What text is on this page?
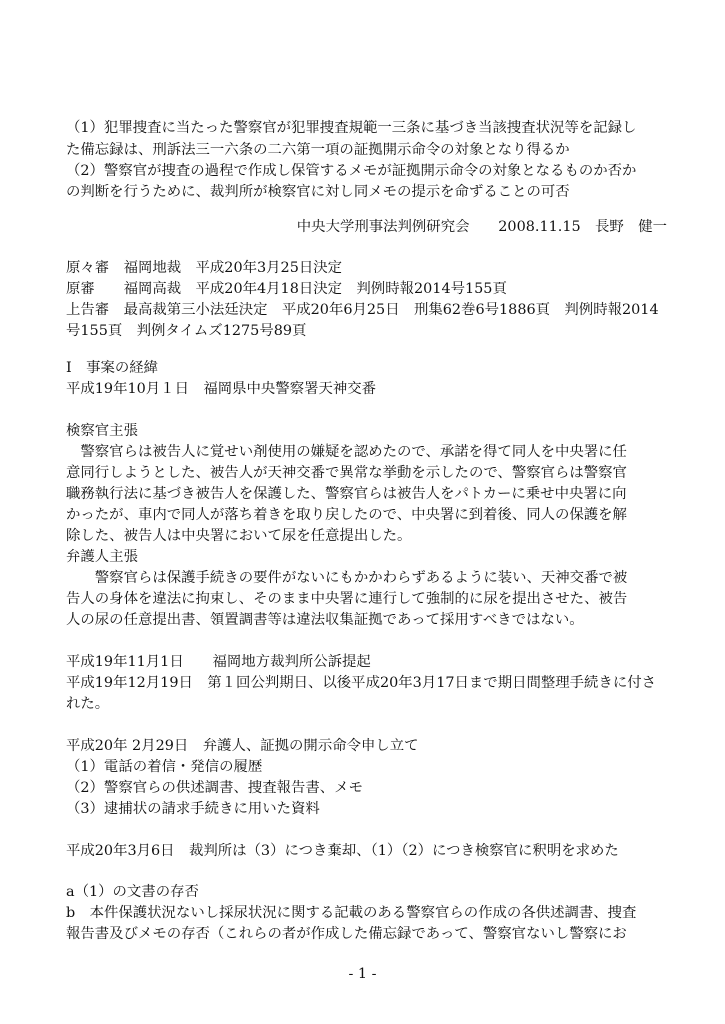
（1）犯罪捜査に当たった警察官が犯罪捜査規範一三条に基づき当該捜査状況等を記録し
た備忘録は、刑訴法三一六条の二六第一項の証拠開示命令の対象となり得るか
（2）警察官が捜査の過程で作成し保管するメモが証拠開示命令の対象となるものか否か
の判断を行うために、裁判所が検察官に対し同メモの提示を命ずることの可否
中央大学刑事法判例研究会　　2008.11.15　長野　健一
原々審　福岡地裁　平成20年3月25日決定
原審　　福岡高裁　平成20年4月18日決定　判例時報2014号155頁
上告審　最高裁第三小法廷決定　平成20年6月25日　刑集62巻6号1886頁　判例時報2014
号155頁　判例タイムズ1275号89頁
Ⅰ　事案の経緯
平成19年10月１日　福岡県中央警察署天神交番
検察官主張
　警察官らは被告人に覚せい剤使用の嫌疑を認めたので、承諾を得て同人を中央署に任
意同行しようとした、被告人が天神交番で異常な挙動を示したので、警察官らは警察官
職務執行法に基づき被告人を保護した、警察官らは被告人をパトカーに乗せ中央署に向
かったが、車内で同人が落ち着きを取り戻したので、中央署に到着後、同人の保護を解
除した、被告人は中央署において尿を任意提出した。
弁護人主張
　　警察官らは保護手続きの要件がないにもかかわらずあるように装い、天神交番で被
告人の身体を違法に拘束し、そのまま中央署に連行して強制的に尿を提出させた、被告
人の尿の任意提出書、領置調書等は違法収集証拠であって採用すべきではない。
平成19年11月1日　　福岡地方裁判所公訴提起
平成19年12月19日　第１回公判期日、以後平成20年3月17日まで期日間整理手続きに付さ
れた。
平成20年 2月29日　弁護人、証拠の開示命令申し立て
（1）電話の着信・発信の履歴
（2）警察官らの供述調書、捜査報告書、メモ
（3）逮捕状の請求手続きに用いた資料
平成20年3月6日　裁判所は（3）につき棄却、（1）（2）につき検察官に釈明を求めた
a（1）の文書の存否
b　本件保護状況ないし採尿状況に関する記載のある警察官らの作成の各供述調書、捜査
報告書及びメモの存否（これらの者が作成した備忘録であって、警察官ないし警察にお
- 1 -
